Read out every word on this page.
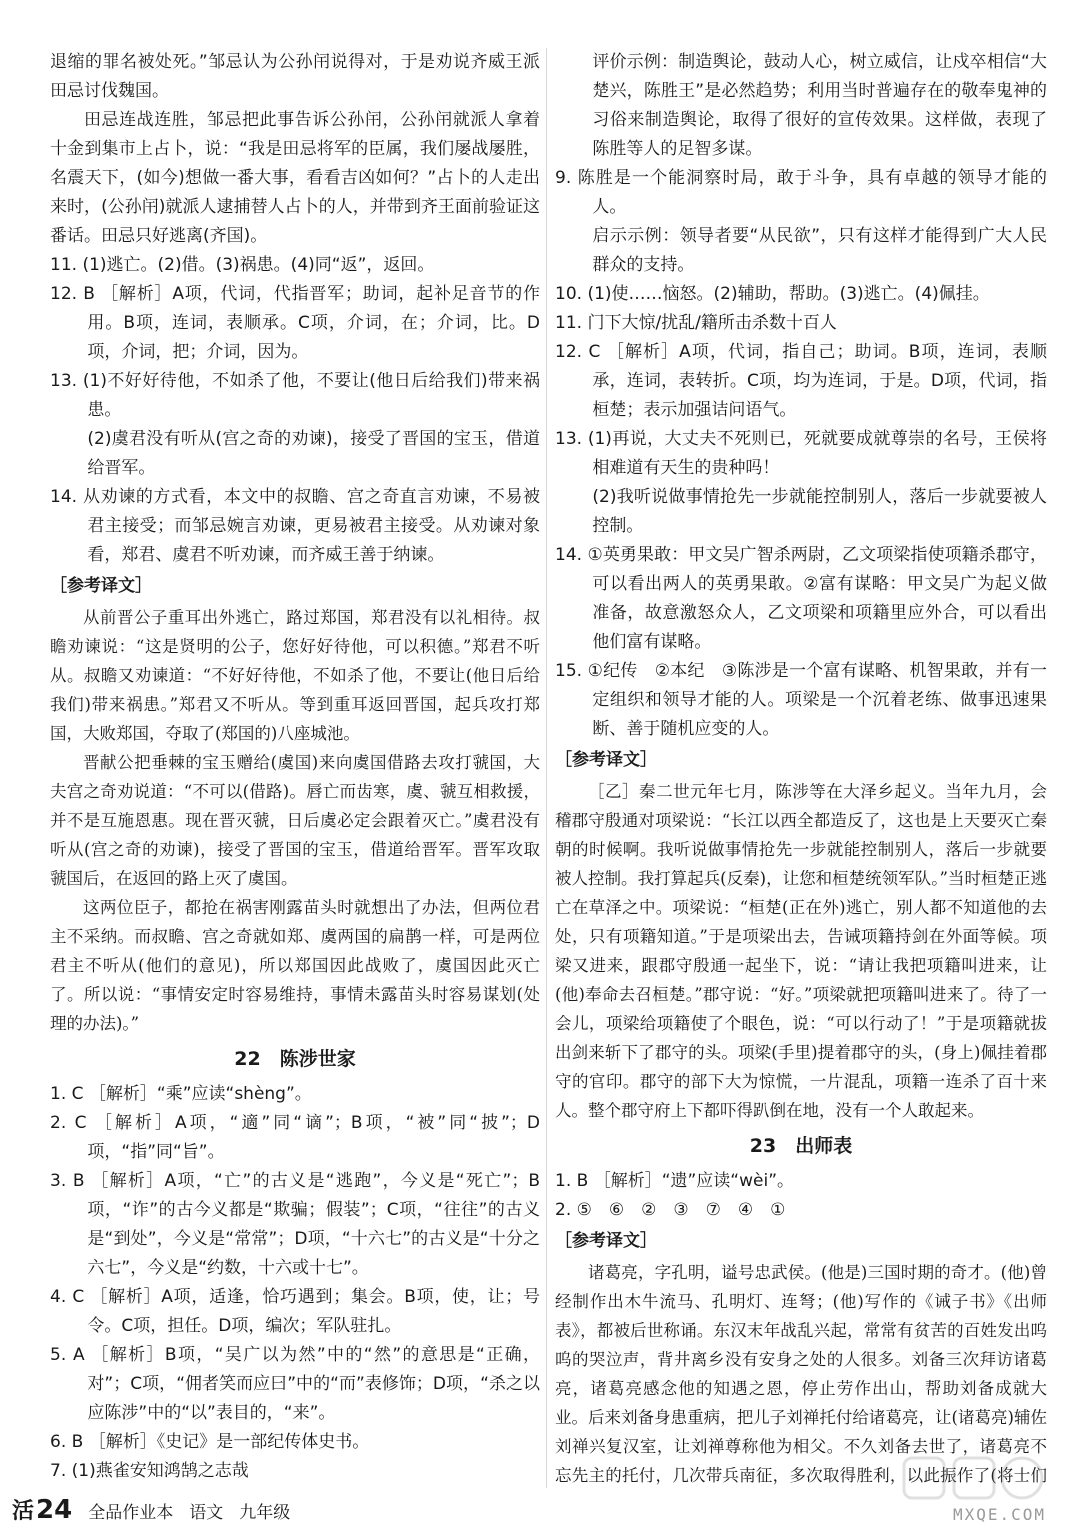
退缩的罪名被处死。”邹忌认为公孙闬说得对，于是劝说齐威王派田忌讨伐魏国。

田忌连战连胜，邹忌把此事告诉公孙闬，公孙闬就派人拿着十金到集市上占卜，说：“我是田忌将军的臣属，我们屡战屡胜，名震天下，(如今)想做一番大事，看看吉凶如何？”占卜的人走出来时，(公孙闬)就派人逮捕替人占卜的人，并带到齐王面前验证这番话。田忌只好逃离(齐国)。

11. (1)逃亡。(2)借。(3)祸患。(4)同“返”，返回。

12. B ［解析］A项，代词，代指晋军；助词，起补足音节的作用。B项，连词，表顺承。C项，介词，在；介词，比。D项，介词，把；介词，因为。

13. (1)不好好待他，不如杀了他，不要让(他日后给我们)带来祸患。

(2)虞君没有听从(宫之奇的劝谏)，接受了晋国的宝玉，借道给晋军。

14. 从劝谏的方式看，本文中的叔瞻、宫之奇直言劝谏，不易被君主接受；而邹忌婉言劝谏，更易被君主接受。从劝谏对象看，郑君、虞君不听劝谏，而齐威王善于纳谏。

［参考译文］

从前晋公子重耳出外逃亡，路过郑国，郑君没有以礼相待。叔瞻劝谏说：“这是贤明的公子，您好好待他，可以积德。”郑君不听从。叔瞻又劝谏道：“不好好待他，不如杀了他，不要让(他日后给我们)带来祸患。”郑君又不听从。等到重耳返回晋国，起兵攻打郑国，大败郑国，夺取了(郑国的)八座城池。

晋献公把垂棘的宝玉赠给(虞国)来向虞国借路去攻打虢国，大夫宫之奇劝说道：“不可以(借路)。唇亡而齿寒，虞、虢互相救援，并不是互施恩惠。现在晋灭虢，日后虞必定会跟着灭亡。”虞君没有听从(宫之奇的劝谏)，接受了晋国的宝玉，借道给晋军。晋军攻取虢国后，在返回的路上灭了虞国。

这两位臣子，都抢在祸害刚露苗头时就想出了办法，但两位君主不采纳。而叔瞻、宫之奇就如郑、虞两国的扁鹊一样，可是两位君主不听从(他们的意见)，所以郑国因此战败了，虞国因此灭亡了。所以说：“事情安定时容易维持，事情未露苗头时容易谋划(处理的办法)。”

22　陈涉世家

1. C ［解析］“乘”应读“shèng”。

2. C ［解析］A项，“適”同“谪”；B项，“被”同“披”；D项，“指”同“旨”。

3. B ［解析］A项，“亡”的古义是“逃跑”，今义是“死亡”；B项，“诈”的古今义都是“欺骗；假装”；C项，“往往”的古义是“到处”，今义是“常常”；D项，“十六七”的古义是“十分之六七”，今义是“约数，十六或十七”。

4. C ［解析］A项，适逢，恰巧遇到；集会。B项，使，让；号令。C项，担任。D项，编次；军队驻扎。

5. A ［解析］B项，“吴广以为然”中的“然”的意思是“正确，对”；C项，“佣者笑而应曰”中的“而”表修饰；D项，“杀之以应陈涉”中的“以”表目的，“来”。

6. B ［解析］《史记》是一部纪传体史书。

7. (1)燕雀安知鸿鹄之志哉

评价示例：制造舆论，鼓动人心，树立威信，让戍卒相信“大楚兴，陈胜王”是必然趋势；利用当时普遍存在的敬奉鬼神的习俗来制造舆论，取得了很好的宣传效果。这样做，表现了陈胜等人的足智多谋。

9. 陈胜是一个能洞察时局，敢于斗争，具有卓越的领导才能的人。

启示示例：领导者要“从民欲”，只有这样才能得到广大人民群众的支持。

10. (1)使……恼怒。(2)辅助，帮助。(3)逃亡。(4)佩挂。

11. 门下大惊/扰乱/籍所击杀数十百人

12. C ［解析］A项，代词，指自己；助词。B项，连词，表顺承，连词，表转折。C项，均为连词，于是。D项，代词，指桓楚；表示加强诘问语气。

13. (1)再说，大丈夫不死则已，死就要成就尊崇的名号，王侯将相难道有天生的贵种吗！

(2)我听说做事情抢先一步就能控制别人，落后一步就要被人控制。

14. ①英勇果敢：甲文吴广智杀两尉，乙文项梁指使项籍杀郡守，可以看出两人的英勇果敢。②富有谋略：甲文吴广为起义做准备，故意激怒众人，乙文项梁和项籍里应外合，可以看出他们富有谋略。

15. ①纪传　②本纪　③陈涉是一个富有谋略、机智果敢，并有一定组织和领导才能的人。项梁是一个沉着老练、做事迅速果断、善于随机应变的人。

［参考译文］

［乙］秦二世元年七月，陈涉等在大泽乡起义。当年九月，会稽郡守殷通对项梁说：“长江以西全都造反了，这也是上天要灭亡秦朝的时候啊。我听说做事情抢先一步就能控制别人，落后一步就要被人控制。我打算起兵(反秦)，让您和桓楚统领军队。”当时桓楚正逃亡在草泽之中。项梁说：“桓楚(正在外)逃亡，别人都不知道他的去处，只有项籍知道。”于是项梁出去，告诫项籍持剑在外面等候。项梁又进来，跟郡守殷通一起坐下，说：“请让我把项籍叫进来，让(他)奉命去召桓楚。”郡守说：“好。”项梁就把项籍叫进来了。待了一会儿，项梁给项籍使了个眼色，说：“可以行动了！”于是项籍就拔出剑来斩下了郡守的头。项梁(手里)提着郡守的头，(身上)佩挂着郡守的官印。郡守的部下大为惊慌，一片混乱，项籍一连杀了百十来人。整个郡守府上下都吓得趴倒在地，没有一个人敢起来。

23　出师表

1. B ［解析］“遗”应读“wèi”。

2. ⑤　⑥　②　③　⑦　④　①

［参考译文］

诸葛亮，字孔明，谥号忠武侯。(他是)三国时期的奇才。(他)曾经制作出木牛流马、孔明灯、连弩；(他)写作的《诫子书》《出师表》，都被后世称诵。东汉末年战乱兴起，常常有贫苦的百姓发出呜呜的哭泣声，背井离乡没有安身之处的人很多。刘备三次拜访诸葛亮，诸葛亮感念他的知遇之恩，停止劳作出山，帮助刘备成就大业。后来刘备身患重病，把儿子刘禅托付给诸葛亮，让(诸葛亮)辅佐刘禅兴复汉室，让刘禅尊称他为相父。不久刘备去世了，诸葛亮不忘先主的托付，几次带兵南征，多次取得胜利，以此振作了(将士们

活 24 全品作业本 语文 九年级	MXQE.COM
